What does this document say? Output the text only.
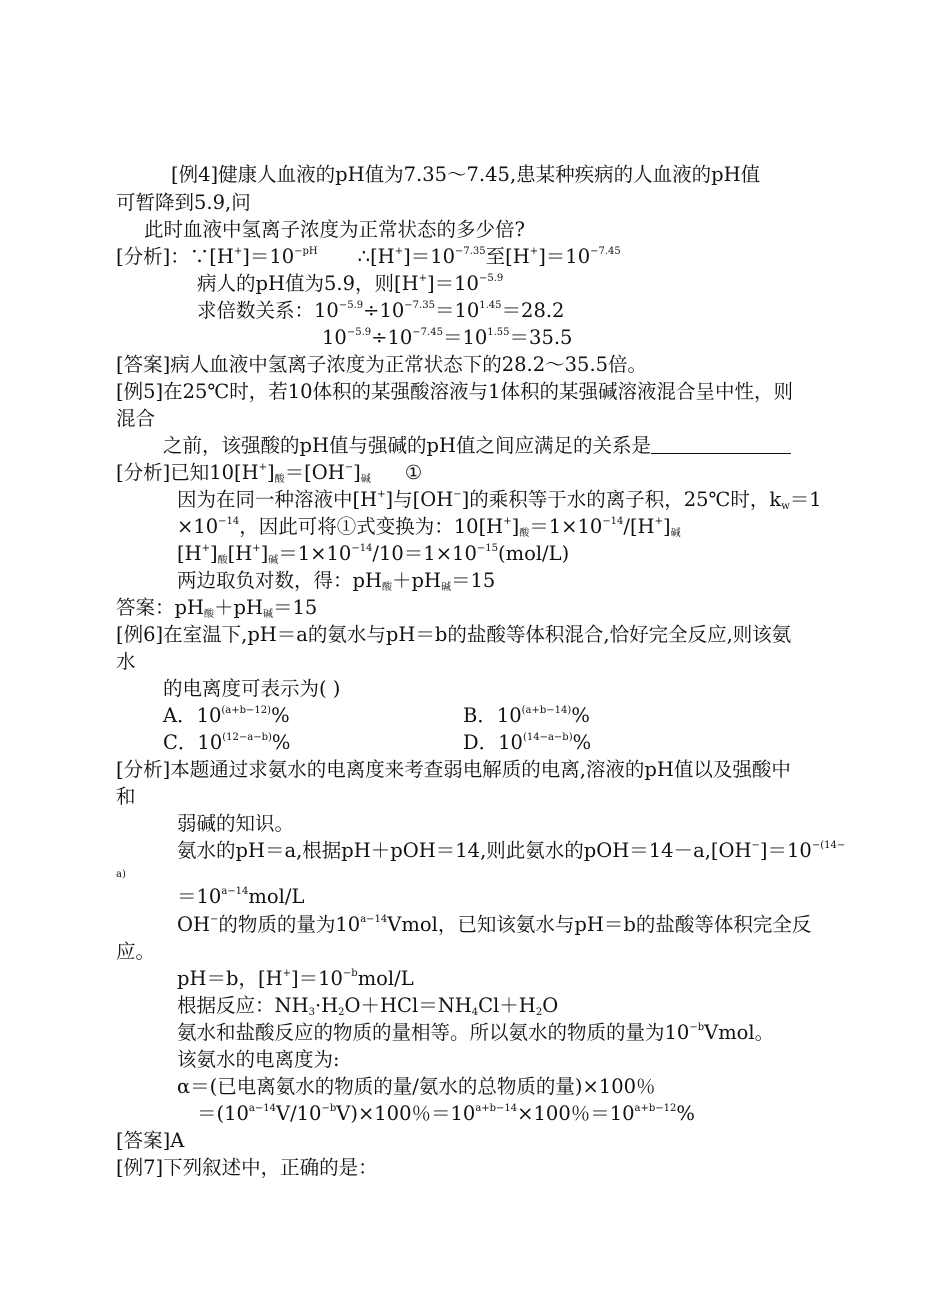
[例4]健康人血液的pH值为7.35～7.45,患某种疾病的人血液的pH值
可暂降到5.9,问
此时血液中氢离子浓度为正常状态的多少倍?
[分析]：$\because[H^+]=10^{-pH}$ $\therefore[H^+]=10^{-7.35}$至$[H^+]=10^{-7.45}$
病人的pH值为5.9，则$[H^+]=10^{-5.9}$
求倍数关系：$10^{-5.9}\div 10^{-7.35}=10^{1.45}=28.2$
$10^{-5.9}\div 10^{-7.45}=10^{1.55}=35.5$
[答案]病人血液中氢离子浓度为正常状态下的28.2～35.5倍。
[例5]在25℃时，若10体积的某强酸溶液与1体积的某强碱溶液混合呈中性，则
混合
之前，该强酸的pH值与强碱的pH值之间应满足的关系是
[分析]已知$10[H^+]_酸=[OH^-]_碱$ ①
因为在同一种溶液中[H+]与[OH−]的乘积等于水的离子积，25℃时，$k_w=1$
$\times 10^{-14}$，因此可将①式变换为：$10[H^+]_酸=1\times 10^{-14}/[H^+]_碱$
$[H^+]_酸[H^+]_碱=1\times 10^{-14}/10=1\times 10^{-15}(mol/L)$
两边取负对数，得：$pH_酸+pH_碱=15$
答案：$pH_酸+pH_碱=15$
[例6]在室温下,pH＝a的氨水与pH＝b的盐酸等体积混合,恰好完全反应,则该氨
水
的电离度可表示为( )
A．$10^{(a+b-12)}\%$	B．$10^{(a+b-14)}\%$
C．$10^{(12-a-b)}\%$	D．$10^{(14-a-b)}\%$
[分析]本题通过求氨水的电离度来考查弱电解质的电离,溶液的pH值以及强酸中
和
弱碱的知识。
氨水的pH＝a,根据pH＋pOH＝14,则此氨水的$pOH=14-a,[OH^-]=10^{-(14-}$
a)
$=10^{a-14}mol/L$
OH−的物质的量为$10^{a-14}Vmol$，已知该氨水与pH＝b的盐酸等体积完全反
应。
pH＝b，$[H^+]=10^{-b}mol/L$
根据反应：$NH_3\cdot H_2O+HCl=NH_4Cl+H_2O$
氨水和盐酸反应的物质的量相等。所以氨水的物质的量为$10^{-b}Vmol$。
该氨水的电离度为:
α＝(已电离氨水的物质的量/氨水的总物质的量)×100％
$=(10^{a-14}V/10^{-b}V)\times 100$％$=10^{a+b-14}\times 100$％$=10^{a+b-12}\%$
[答案]A
[例7]下列叙述中，正确的是：
